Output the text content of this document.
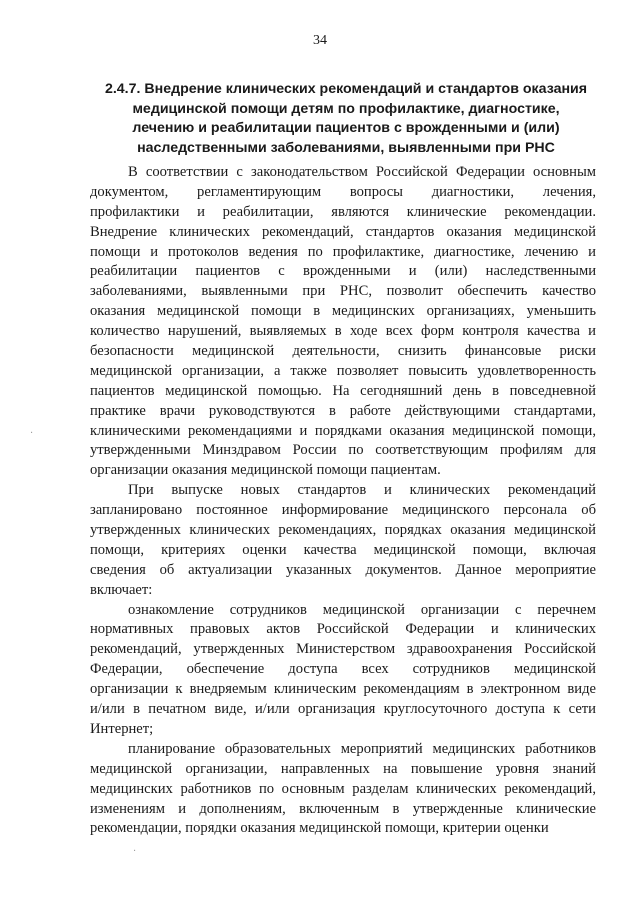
34
2.4.7. Внедрение клинических рекомендаций и стандартов оказания
медицинской помощи детям по профилактике, диагностике,
лечению и реабилитации пациентов с врожденными и (или)
наследственными заболеваниями, выявленными при РНС
В соответствии с законодательством Российской Федерации основным
документом, регламентирующим вопросы диагностики, лечения,
профилактики и реабилитации, являются клинические рекомендации.
Внедрение клинических рекомендаций, стандартов оказания медицинской
помощи и протоколов ведения по профилактике, диагностике, лечению и
реабилитации пациентов с врожденными и (или) наследственными
заболеваниями, выявленными при РНС, позволит обеспечить качество
оказания медицинской помощи в медицинских организациях, уменьшить
количество нарушений, выявляемых в ходе всех форм контроля качества и
безопасности медицинской деятельности, снизить финансовые риски
медицинской организации, а также позволяет повысить удовлетворенность
пациентов медицинской помощью. На сегодняшний день в повседневной
практике врачи руководствуются в работе действующими стандартами,
клиническими рекомендациями и порядками оказания медицинской помощи,
утвержденными Минздравом России по соответствующим профилям для
организации оказания медицинской помощи пациентам.
При выпуске новых стандартов и клинических рекомендаций
запланировано постоянное информирование медицинского персонала об
утвержденных клинических рекомендациях, порядках оказания медицинской
помощи, критериях оценки качества медицинской помощи, включая
сведения об актуализации указанных документов. Данное мероприятие
включает:
ознакомление сотрудников медицинской организации с перечнем
нормативных правовых актов Российской Федерации и клинических
рекомендаций, утвержденных Министерством здравоохранения Российской
Федерации, обеспечение доступа всех сотрудников медицинской
организации к внедряемым клиническим рекомендациям в электронном виде
и/или в печатном виде, и/или организация круглосуточного доступа к сети
Интернет;
планирование образовательных мероприятий медицинских работников
медицинской организации, направленных на повышение уровня знаний
медицинских работников по основным разделам клинических рекомендаций,
изменениям и дополнениям, включенным в утвержденные клинические
рекомендации, порядки оказания медицинской помощи, критерии оценки
·
·
